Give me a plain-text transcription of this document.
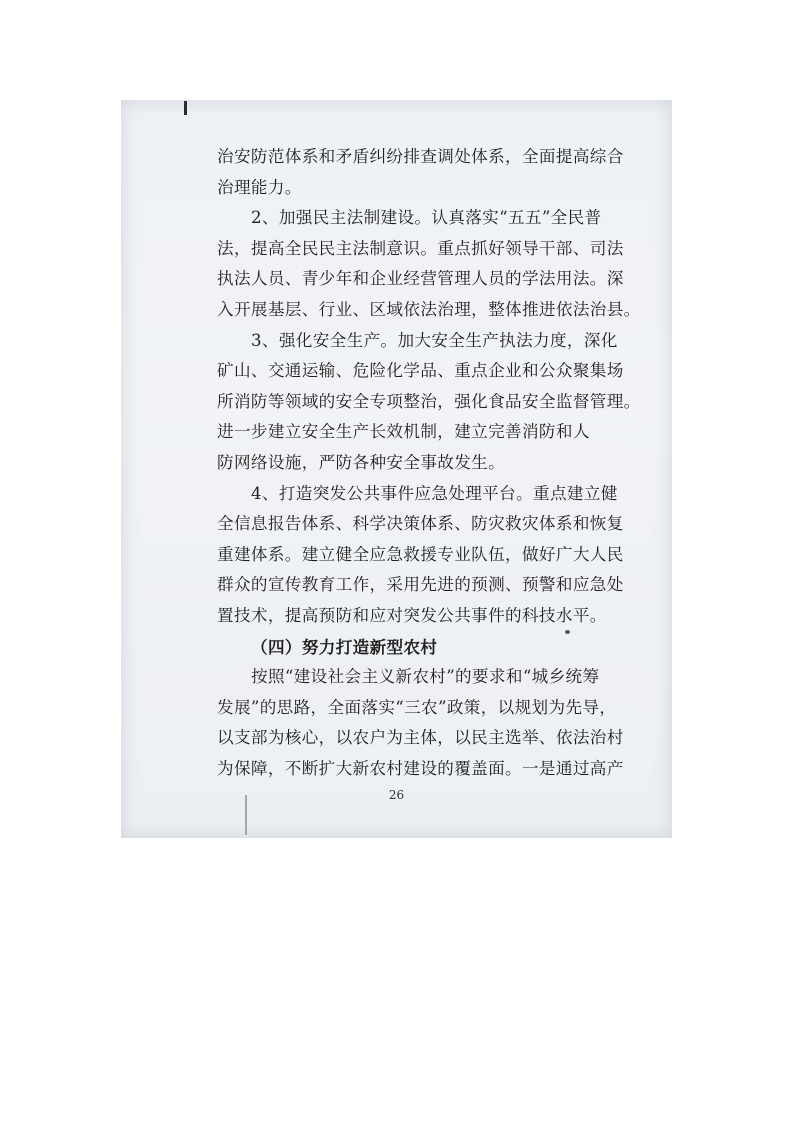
治安防范体系和矛盾纠纷排查调处体系，全面提高综合
治理能力。
2、加强民主法制建设。认真落实“五五”全民普
法，提高全民民主法制意识。重点抓好领导干部、司法
执法人员、青少年和企业经营管理人员的学法用法。深
入开展基层、行业、区域依法治理，整体推进依法治县。
3、强化安全生产。加大安全生产执法力度，深化
矿山、交通运输、危险化学品、重点企业和公众聚集场
所消防等领域的安全专项整治，强化食品安全监督管理。
进一步建立安全生产长效机制，建立完善消防和人
防网络设施，严防各种安全事故发生。
4、打造突发公共事件应急处理平台。重点建立健
全信息报告体系、科学决策体系、防灾救灾体系和恢复
重建体系。建立健全应急救援专业队伍，做好广大人民
群众的宣传教育工作，采用先进的预测、预警和应急处
置技术，提高预防和应对突发公共事件的科技水平。
（四）努力打造新型农村
按照“建设社会主义新农村”的要求和“城乡统筹
发展”的思路，全面落实“三农”政策，以规划为先导，
以支部为核心，以农户为主体，以民主选举、依法治村
为保障，不断扩大新农村建设的覆盖面。一是通过高产
26
